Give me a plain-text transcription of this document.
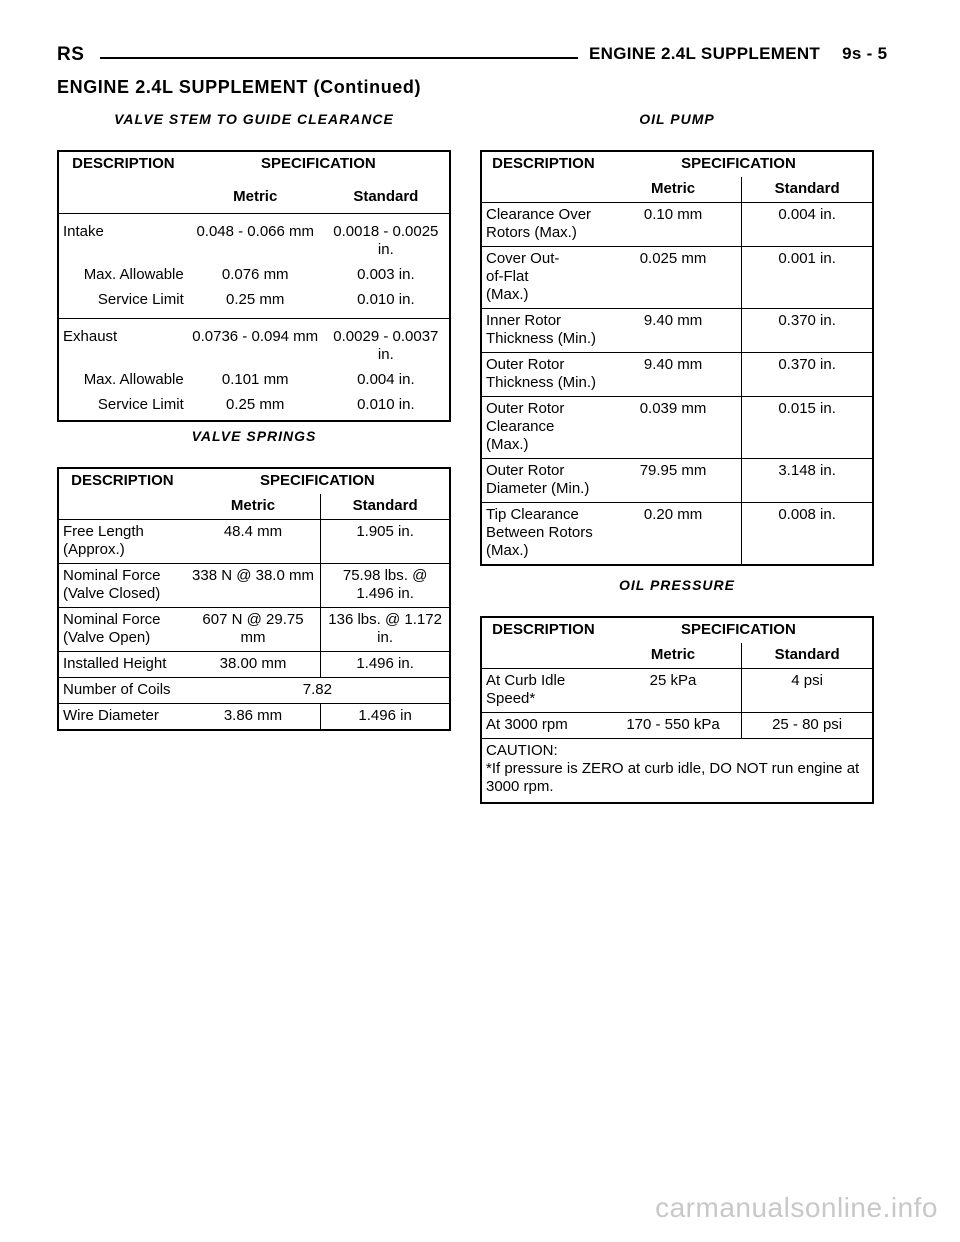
RS	ENGINE 2.4L SUPPLEMENT 9s - 5
ENGINE 2.4L SUPPLEMENT (Continued)
VALVE STEM TO GUIDE CLEARANCE
DESCRIPTION	SPECIFICATION	
	Metric	Standard
Intake	0.048 - 0.066 mm	0.0018 - 0.0025 in.
Max. Allowable	0.076 mm	0.003 in.
Service Limit	0.25 mm	0.010 in.
Exhaust	0.0736 - 0.094 mm	0.0029 - 0.0037 in.
Max. Allowable	0.101 mm	0.004 in.
Service Limit	0.25 mm	0.010 in.
VALVE SPRINGS
DESCRIPTION	SPECIFICATION	
	Metric	Standard
Free Length (Approx.)	48.4 mm	1.905 in.
Nominal Force (Valve Closed)	338 N @ 38.0 mm	75.98 lbs. @ 1.496 in.
Nominal Force (Valve Open)	607 N @ 29.75 mm	136 lbs. @ 1.172 in.
Installed Height	38.00 mm	1.496 in.
Number of Coils	7.82	
Wire Diameter	3.86 mm	1.496 in
OIL PUMP
DESCRIPTION	SPECIFICATION	
	Metric	Standard
Clearance Over Rotors (Max.)	0.10 mm	0.004 in.
Cover Out-of-Flat (Max.)	0.025 mm	0.001 in.
Inner Rotor Thickness (Min.)	9.40 mm	0.370 in.
Outer Rotor Thickness (Min.)	9.40 mm	0.370 in.
Outer Rotor Clearance (Max.)	0.039 mm	0.015 in.
Outer Rotor Diameter (Min.)	79.95 mm	3.148 in.
Tip Clearance Between Rotors (Max.)	0.20 mm	0.008 in.
OIL PRESSURE
DESCRIPTION	SPECIFICATION	
	Metric	Standard
At Curb Idle Speed*	25 kPa	4 psi
At 3000 rpm	170 - 550 kPa	25 - 80 psi

CAUTION:
*If pressure is ZERO at curb idle, DO NOT run engine at 3000 rpm.		
carmanualsonline.info
